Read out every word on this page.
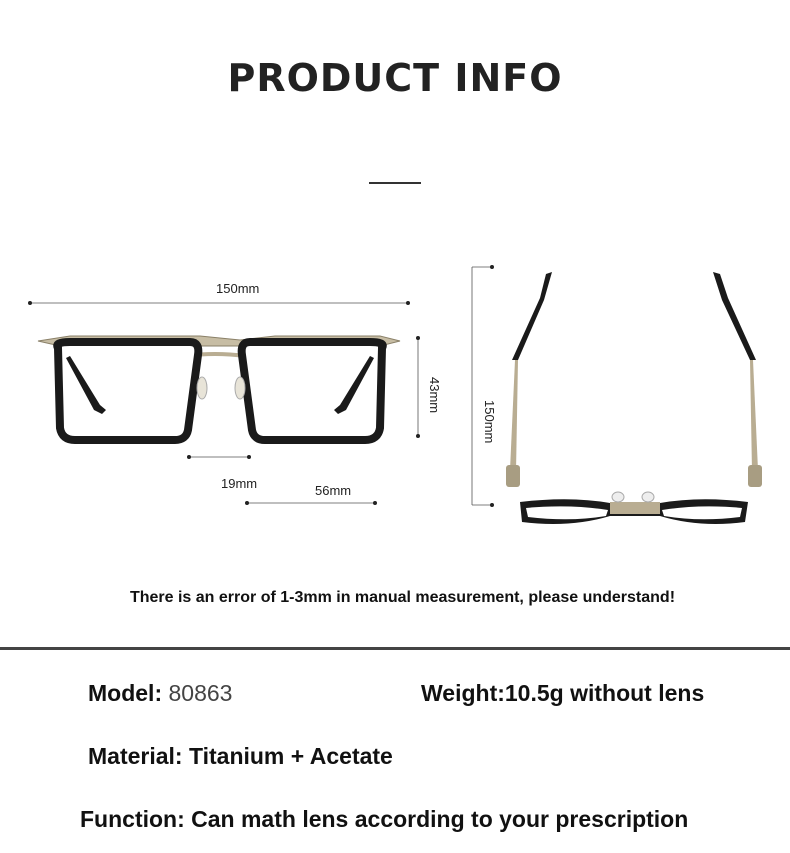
PRODUCT INFO
150mm
43mm
19mm	56mm
150mm
There is an error of 1-3mm in manual measurement, please understand!
Model: 80863	Weight:10.5g without lens
Material: Titanium + Acetate
Function: Can math lens according to your prescription
